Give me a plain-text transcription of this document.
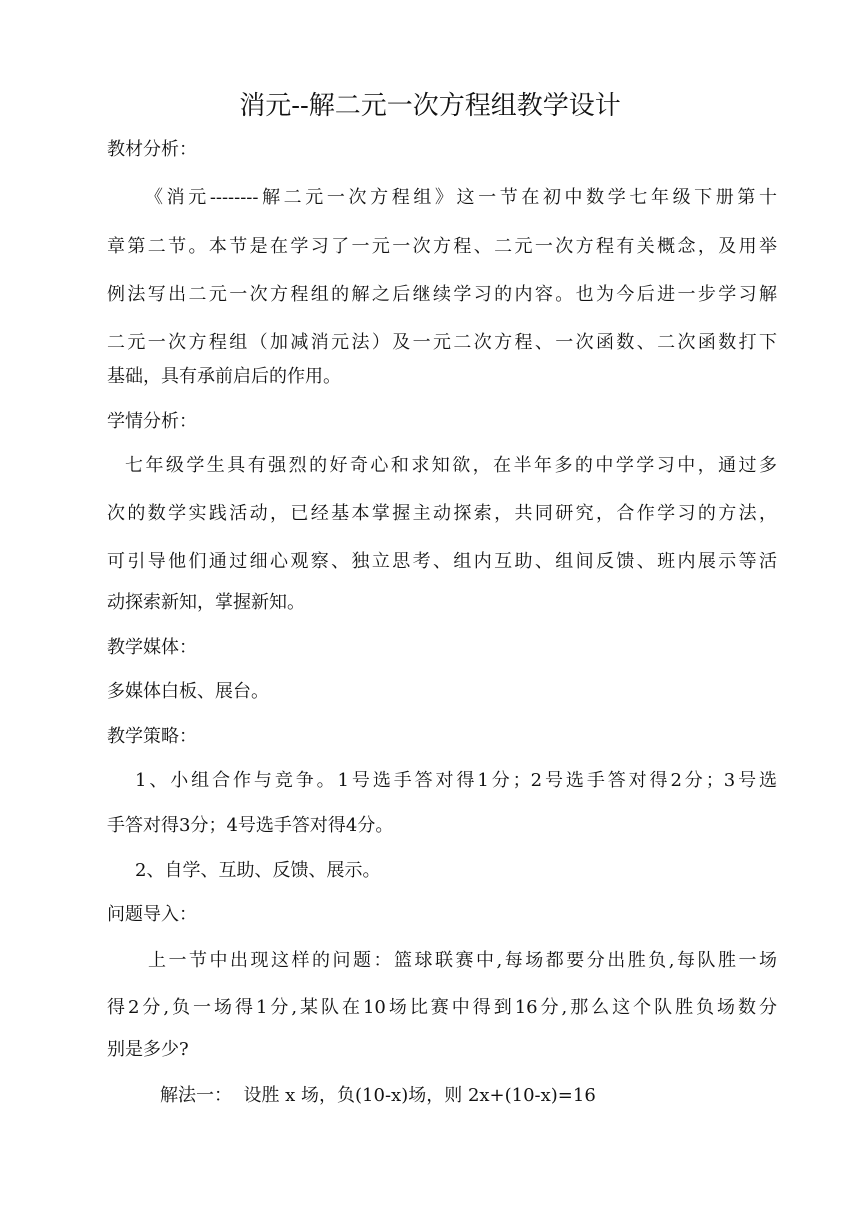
消元--解二元一次方程组教学设计
教材分析：
《消元--------解二元一次方程组》这一节在初中数学七年级下册第十
章第二节。本节是在学习了一元一次方程、二元一次方程有关概念，及用举
例法写出二元一次方程组的解之后继续学习的内容。也为今后进一步学习解
二元一次方程组（加减消元法）及一元二次方程、一次函数、二次函数打下
基础，具有承前启后的作用。
学情分析：
七年级学生具有强烈的好奇心和求知欲，在半年多的中学学习中，通过多
次的数学实践活动，已经基本掌握主动探索，共同研究，合作学习的方法，
可引导他们通过细心观察、独立思考、组内互助、组间反馈、班内展示等活
动探索新知，掌握新知。
教学媒体：
多媒体白板、展台。
教学策略：
1、小组合作与竞争。1号选手答对得1分；2号选手答对得2分；3号选
手答对得3分；4号选手答对得4分。
2、自学、互助、反馈、展示。
问题导入：
上一节中出现这样的问题：篮球联赛中,每场都要分出胜负,每队胜一场
得2分,负一场得1分,某队在10场比赛中得到16分,那么这个队胜负场数分
别是多少?
解法一：  设胜 x 场，负(10-x)场，则 2x+(10-x)=16
